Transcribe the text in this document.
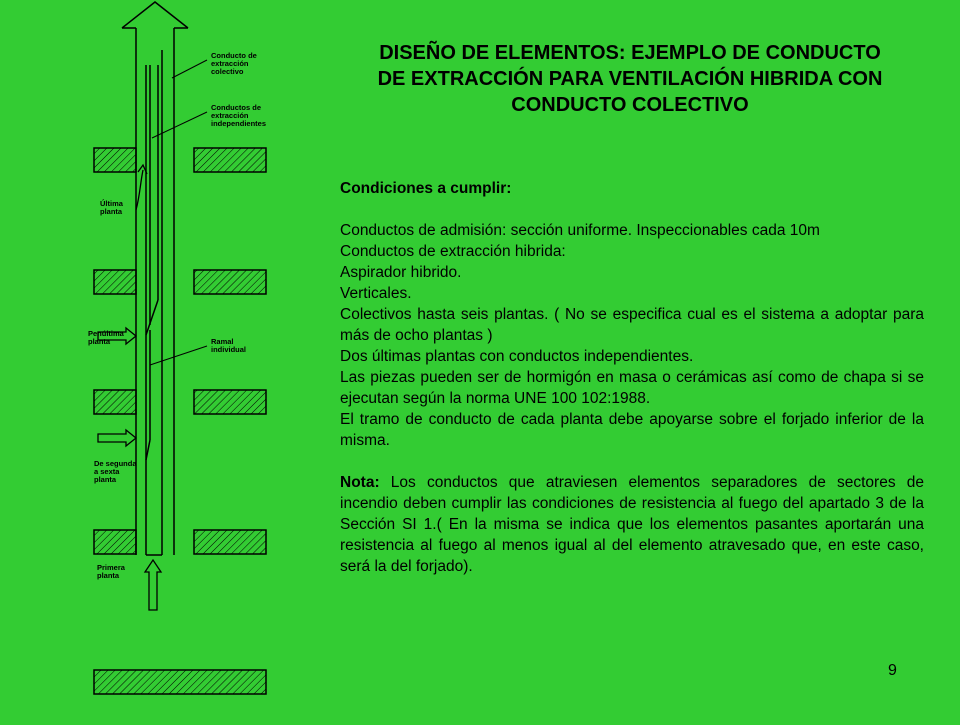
Conducto de
extracción
colectivo
Conductos de
extracción
independientes
Última
planta
Penúltima
planta	Ramal
individual
De segunda
a sexta
planta
Primera
planta
DISEÑO DE ELEMENTOS: EJEMPLO DE CONDUCTO DE EXTRACCIÓN PARA VENTILACIÓN HIBRIDA CON CONDUCTO COLECTIVO

Condiciones a cumplir:

Conductos de admisión: sección uniforme. Inspeccionables cada 10m

Conductos de extracción hibrida:

Aspirador hibrido.

Verticales.

Colectivos hasta seis plantas. ( No se especifica cual es el sistema a adoptar para más de ocho plantas )

Dos últimas plantas con conductos independientes.

Las piezas pueden ser de hormigón en masa o cerámicas así como de chapa si se ejecutan según la norma UNE 100 102:1988.

El tramo de conducto de cada planta debe apoyarse sobre el forjado inferior de la misma.

Nota: Los conductos que atraviesen elementos separadores de sectores de incendio deben cumplir las condiciones de resistencia al fuego del apartado 3 de la Sección SI 1.( En la misma se indica que los elementos pasantes aportarán una resistencia al fuego al menos igual al del elemento atravesado que, en este caso, será la del forjado).

9
